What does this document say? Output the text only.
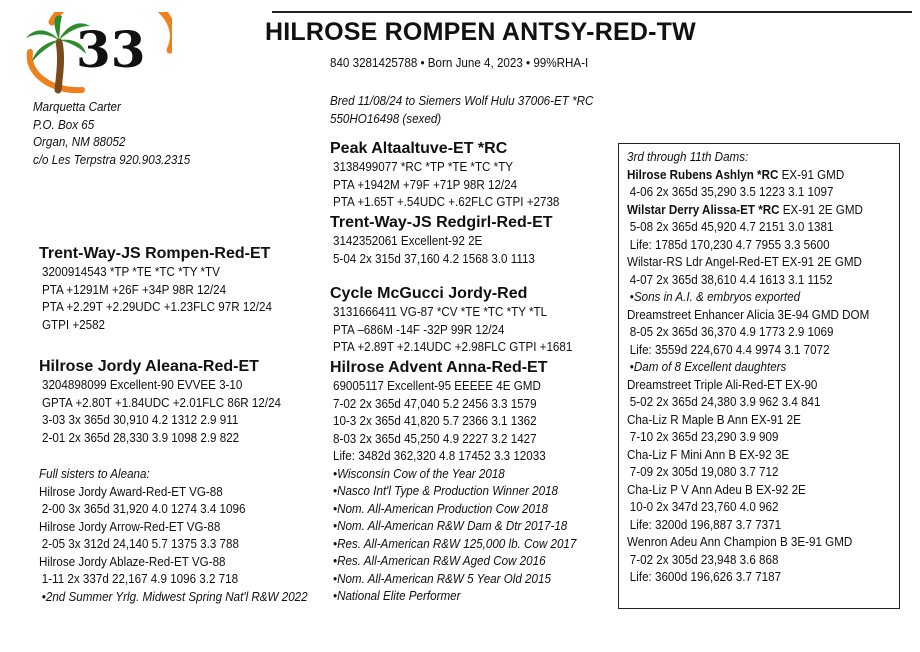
33	HILROSE ROMPEN ANTSY-RED-TW
840 3281425788 • Born June 4, 2023 • 99%RHA-I
Marquetta Carter
P.O. Box 65
Organ, NM 88052
c/o Les Terpstra 920.903.2315
Bred 11/08/24 to Siemers Wolf Hulu 37006-ET *RC
550HO16498 (sexed)
Trent-Way-JS Rompen-Red-ET
3200914543 *TP *TE *TC *TY *TV
PTA +1291M +26F +34P 98R 12/24
PTA +2.29T +2.29UDC +1.23FLC 97R 12/24
GTPI +2582
Hilrose Jordy Aleana-Red-ET
3204898099 Excellent-90 EVVEE 3-10
GPTA +2.80T +1.84UDC +2.01FLC 86R 12/24
3-03 3x 365d 30,910 4.2 1312 2.9 911
2-01 2x 365d 28,330 3.9 1098 2.9 822
Full sisters to Aleana:
Hilrose Jordy Award-Red-ET VG-88
2-00 3x 365d 31,920 4.0 1274 3.4 1096
Hilrose Jordy Arrow-Red-ET VG-88
2-05 3x 312d 24,140 5.7 1375 3.3 788
Hilrose Jordy Ablaze-Red-ET VG-88
1-11 2x 337d 22,167 4.9 1096 3.2 718
•2nd Summer Yrlg. Midwest Spring Nat'l R&W 2022
Peak Altaaltuve-ET *RC
3138499077 *RC *TP *TE *TC *TY
PTA +1942M +79F +71P 98R 12/24
PTA +1.65T +.54UDC +.62FLC GTPI +2738
Trent-Way-JS Redgirl-Red-ET
3142352061 Excellent-92 2E
5-04 2x 315d 37,160 4.2 1568 3.0 1113
Cycle McGucci Jordy-Red
3131666411 VG-87 *CV *TE *TC *TY *TL
PTA –686M -14F -32P 99R 12/24
PTA +2.89T +2.14UDC +2.98FLC GTPI +1681
Hilrose Advent Anna-Red-ET
69005117 Excellent-95 EEEEE 4E GMD
7-02 2x 365d 47,040 5.2 2456 3.3 1579
10-3 2x 365d 41,820 5.7 2366 3.1 1362
8-03 2x 365d 45,250 4.9 2227 3.2 1427
Life: 3482d 362,320 4.8 17452 3.3 12033
•Wisconsin Cow of the Year 2018
•Nasco Int'l Type & Production Winner 2018
•Nom. All-American Production Cow 2018
•Nom. All-American R&W Dam & Dtr 2017-18
•Res. All-American R&W 125,000 lb. Cow 2017
•Res. All-American R&W Aged Cow 2016
•Nom. All-American R&W 5 Year Old 2015
•National Elite Performer
3rd through 11th Dams:
Hilrose Rubens Ashlyn *RC EX-91 GMD
4-06 2x 365d 35,290 3.5 1223 3.1 1097
Wilstar Derry Alissa-ET *RC EX-91 2E GMD
5-08 2x 365d 45,920 4.7 2151 3.0 1381
Life: 1785d 170,230 4.7 7955 3.3 5600
Wilstar-RS Ldr Angel-Red-ET EX-91 2E GMD
4-07 2x 365d 38,610 4.4 1613 3.1 1152
•Sons in A.I. & embryos exported
Dreamstreet Enhancer Alicia 3E-94 GMD DOM
8-05 2x 365d 36,370 4.9 1773 2.9 1069
Life: 3559d 224,670 4.4 9974 3.1 7072
•Dam of 8 Excellent daughters
Dreamstreet Triple Ali-Red-ET EX-90
5-02 2x 365d 24,380 3.9 962 3.4 841
Cha-Liz R Maple B Ann EX-91 2E
7-10 2x 365d 23,290 3.9 909
Cha-Liz F Mini Ann B EX-92 3E
7-09 2x 305d 19,080 3.7 712
Cha-Liz P V Ann Adeu B EX-92 2E
10-0 2x 347d 23,760 4.0 962
Life: 3200d 196,887 3.7 7371
Wenron Adeu Ann Champion B 3E-91 GMD
7-02 2x 305d 23,948 3.6 868
Life: 3600d 196,626 3.7 7187
